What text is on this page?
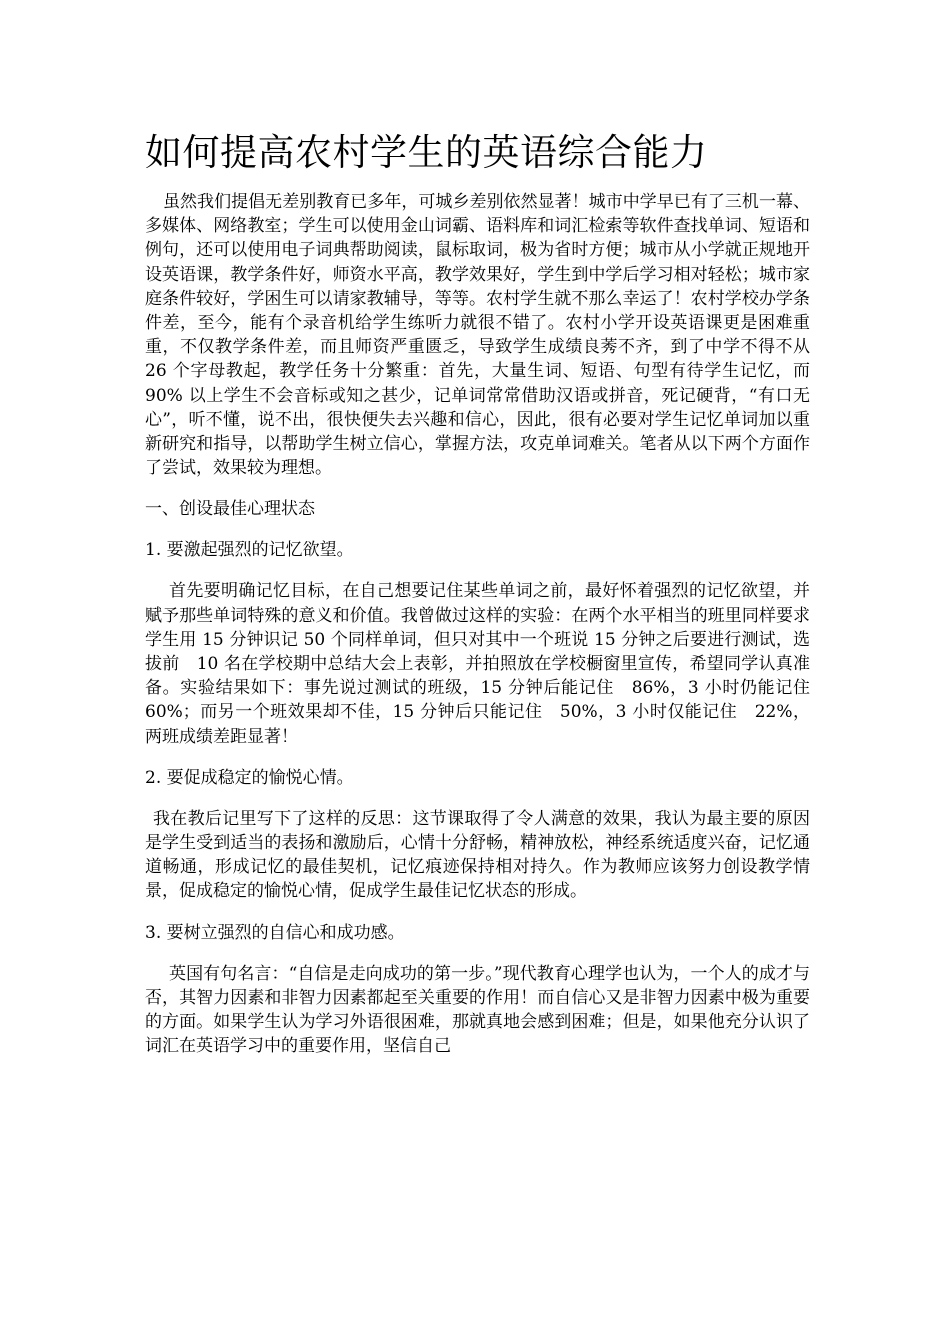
如何提高农村学生的英语综合能力

虽然我们提倡无差别教育已多年，可城乡差别依然显著！城市中学早已有了三机一幕、多媒体、网络教室；学生可以使用金山词霸、语料库和词汇检索等软件查找单词、短语和例句，还可以使用电子词典帮助阅读，鼠标取词，极为省时方便；城市从小学就正规地开设英语课，教学条件好，师资水平高，教学效果好，学生到中学后学习相对轻松；城市家庭条件较好，学困生可以请家教辅导，等等。农村学生就不那么幸运了！农村学校办学条件差，至今，能有个录音机给学生练听力就很不错了。农村小学开设英语课更是困难重重，不仅教学条件差，而且师资严重匮乏，导致学生成绩良莠不齐，到了中学不得不从　26 个字母教起，教学任务十分繁重：首先，大量生词、短语、句型有待学生记忆，而　90% 以上学生不会音标或知之甚少，记单词常常借助汉语或拼音，死记硬背，“有口无心”，听不懂，说不出，很快便失去兴趣和信心，因此，很有必要对学生记忆单词加以重新研究和指导，以帮助学生树立信心，掌握方法，攻克单词难关。笔者从以下两个方面作了尝试，效果较为理想。

一、创设最佳心理状态
1. 要激起强烈的记忆欲望。

首先要明确记忆目标，在自己想要记住某些单词之前，最好怀着强烈的记忆欲望，并赋予那些单词特殊的意义和价值。我曾做过这样的实验：在两个水平相当的班里同样要求学生用 15 分钟识记 50 个同样单词，但只对其中一个班说 15 分钟之后要进行测试，选拔前　10 名在学校期中总结大会上表彰，并拍照放在学校橱窗里宣传，希望同学认真准备。实验结果如下：事先说过测试的班级，15 分钟后能记住　86%，3 小时仍能记住　60%；而另一个班效果却不佳，15 分钟后只能记住　50%，3 小时仅能记住　22%，两班成绩差距显著！

2. 要促成稳定的愉悦心情。

我在教后记里写下了这样的反思：这节课取得了令人满意的效果，我认为最主要的原因是学生受到适当的表扬和激励后，心情十分舒畅，精神放松，神经系统适度兴奋，记忆通道畅通，形成记忆的最佳契机，记忆痕迹保持相对持久。作为教师应该努力创设教学情景，促成稳定的愉悦心情，促成学生最佳记忆状态的形成。

3. 要树立强烈的自信心和成功感。

英国有句名言：“自信是走向成功的第一步。”现代教育心理学也认为，一个人的成才与否，其智力因素和非智力因素都起至关重要的作用！而自信心又是非智力因素中极为重要的方面。如果学生认为学习外语很困难，那就真地会感到困难；但是，如果他充分认识了词汇在英语学习中的重要作用，坚信自己
